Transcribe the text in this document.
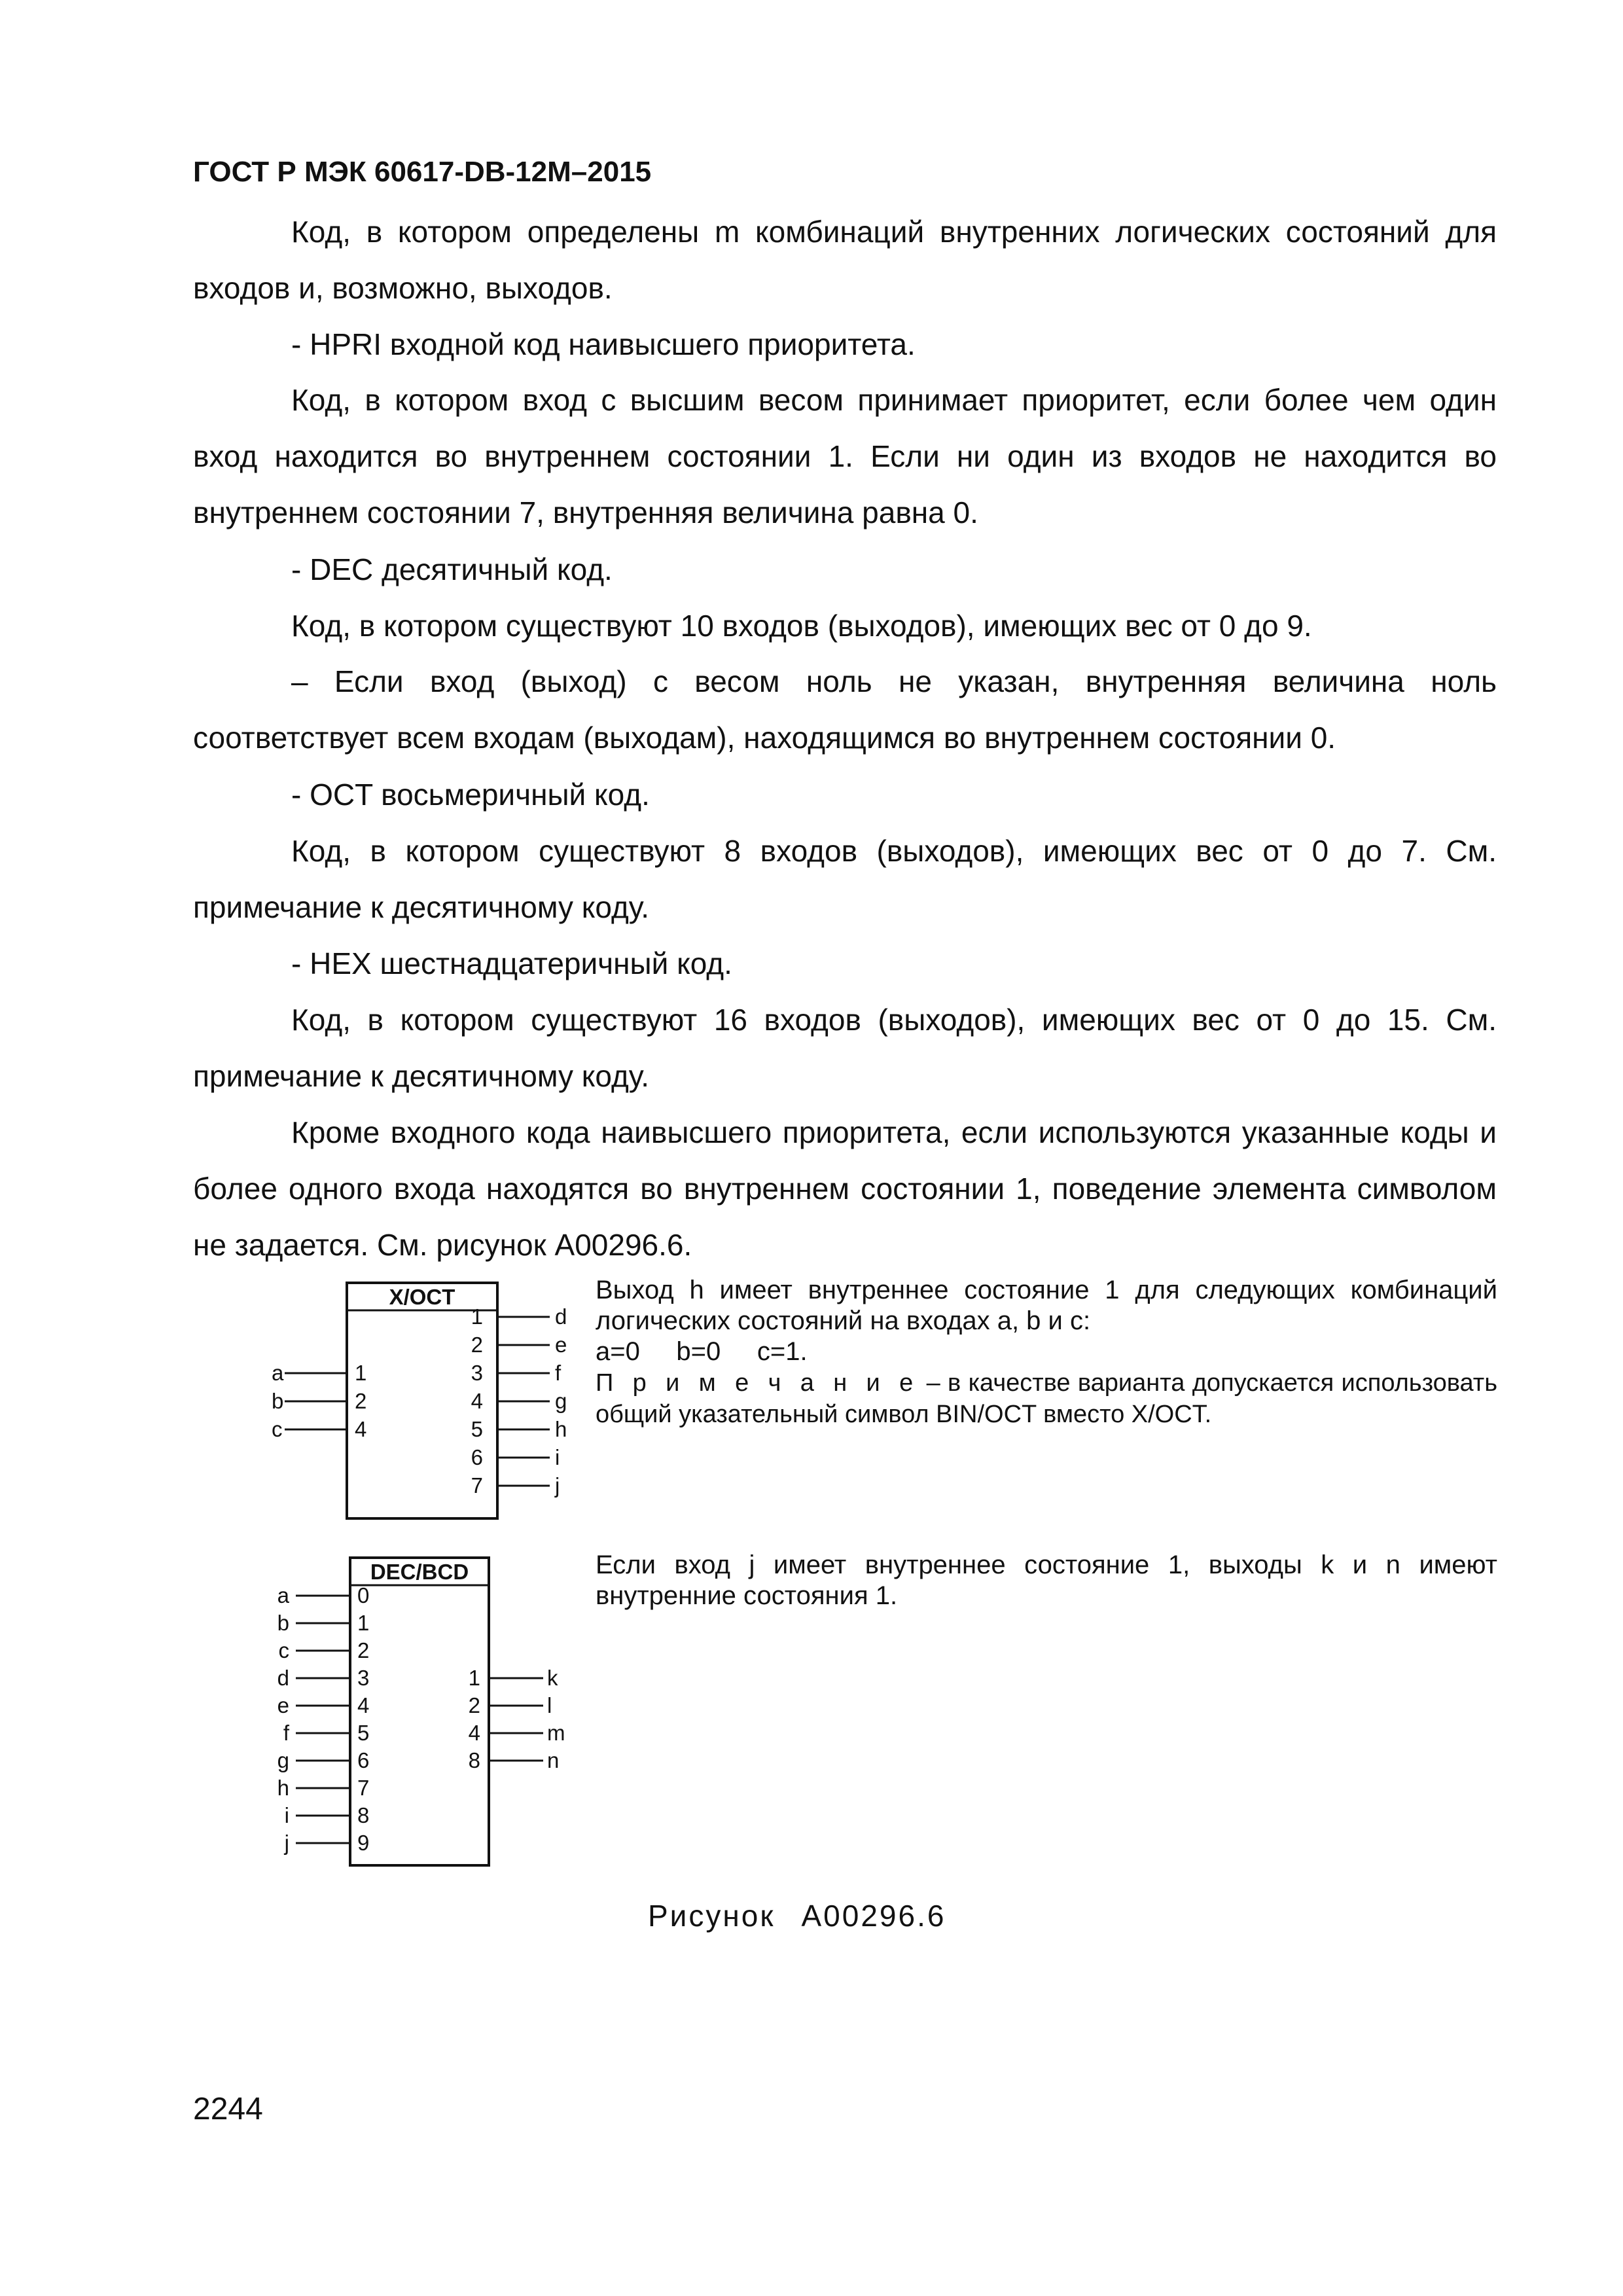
ГОСТ Р МЭК 60617-DB-12M–2015

Код, в котором определены m комбинаций внутренних логических состояний для входов и, возможно, выходов.

- HPRI входной код наивысшего приоритета.

Код, в котором вход с высшим весом принимает приоритет, если более чем один вход находится во внутреннем состоянии 1. Если ни один из входов не находится во внутреннем состоянии 7, внутренняя величина равна 0.

- DEC десятичный код.

Код, в котором существуют 10 входов (выходов), имеющих вес от 0 до 9.

– Если вход (выход) с весом ноль не указан, внутренняя величина ноль соответствует всем входам (выходам), находящимся во внутреннем состоянии 0.

- OCT восьмеричный код.

Код, в котором существуют 8 входов (выходов), имеющих вес от 0 до 7. См. примечание к десятичному коду.

- HEX шестнадцатеричный код.

Код, в котором существуют 16 входов (выходов), имеющих вес от 0 до 15. См. примечание к десятичному коду.

Кроме входного кода наивысшего приоритета, если используются указанные коды и более одного входа находятся во внутреннем состоянии 1, поведение элемента символом не задается. См. рисунок A00296.6.

X/OCT
a	1
b	2
c	4
1	d
2	e
3	f
4	g
5	h
6	i
7	j
Выход h имеет внутреннее состояние 1 для следующих комбинаций логических состояний на входах a, b и c:
a=0     b=0     c=1.
П р и м е ч а н и е – в качестве варианта допускается использовать общий указательный символ BIN/OCT вместо X/OCT.
DEC/BCD
a	0
b	1
c	2
d	3
e	4
f	5
g	6
h	7
i	8
j	9
1	k
2	l
4	m
8	n
Если вход j имеет внутреннее состояние 1, выходы k и n имеют внутренние состояния 1.
Рисунок A00296.6
2244
